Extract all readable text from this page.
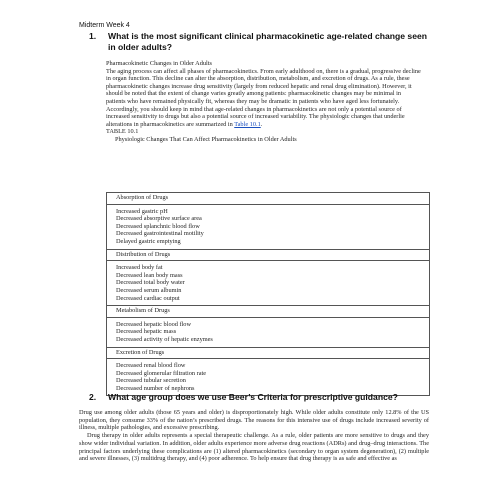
Midterm Week 4
1. What is the most significant clinical pharmacokinetic age-related change seen in older adults?

Pharmacokinetic Changes in Older Adults

The aging process can affect all phases of pharmacokinetics. From early adulthood on, there is a gradual, progressive decline in organ function. This decline can alter the absorption, distribution, metabolism, and excretion of drugs. As a rule, these pharmacokinetic changes increase drug sensitivity (largely from reduced hepatic and renal drug elimination). However, it should be noted that the extent of change varies greatly among patients: pharmacokinetic changes may be minimal in patients who have remained physically fit, whereas they may be dramatic in patients who have aged less fortunately. Accordingly, you should keep in mind that age-related changes in pharmacokinetics are not only a potential source of increased sensitivity to drugs but also a potential source of increased variability. The physiologic changes that underlie alterations in pharmacokinetics are summarized in Table 10.1.

TABLE 10.1

Physiologic Changes That Can Affect Pharmacokinetics in Older Adults

Absorption of Drugs

Increased gastric pH
Decreased absorptive surface area
Decreased splanchnic blood flow
Decreased gastrointestinal motility
Delayed gastric emptying

Distribution of Drugs

Increased body fat
Decreased lean body mass
Decreased total body water
Decreased serum albumin
Decreased cardiac output

Metabolism of Drugs

Decreased hepatic blood flow
Decreased hepatic mass
Decreased activity of hepatic enzymes

Excretion of Drugs

Decreased renal blood flow
Decreased glomerular filtration rate
Decreased tubular secretion
Decreased number of nephrons
2. What age group does we use Beer’s Criteria for prescriptive guidance?

Drug use among older adults (those 65 years and older) is disproportionately high. While older adults constitute only 12.8% of the US population, they consume 33% of the nation’s prescribed drugs. The reasons for this intensive use of drugs include increased severity of illness, multiple pathologies, and excessive prescribing.

Drug therapy in older adults represents a special therapeutic challenge. As a rule, older patients are more sensitive to drugs and they show wider individual variation. In addition, older adults experience more adverse drug reactions (ADRs) and drug–drug interactions. The principal factors underlying these complications are (1) altered pharmacokinetics (secondary to organ system degeneration), (2) multiple and severe illnesses, (3) multidrug therapy, and (4) poor adherence. To help ensure that drug therapy is as safe and effective as
